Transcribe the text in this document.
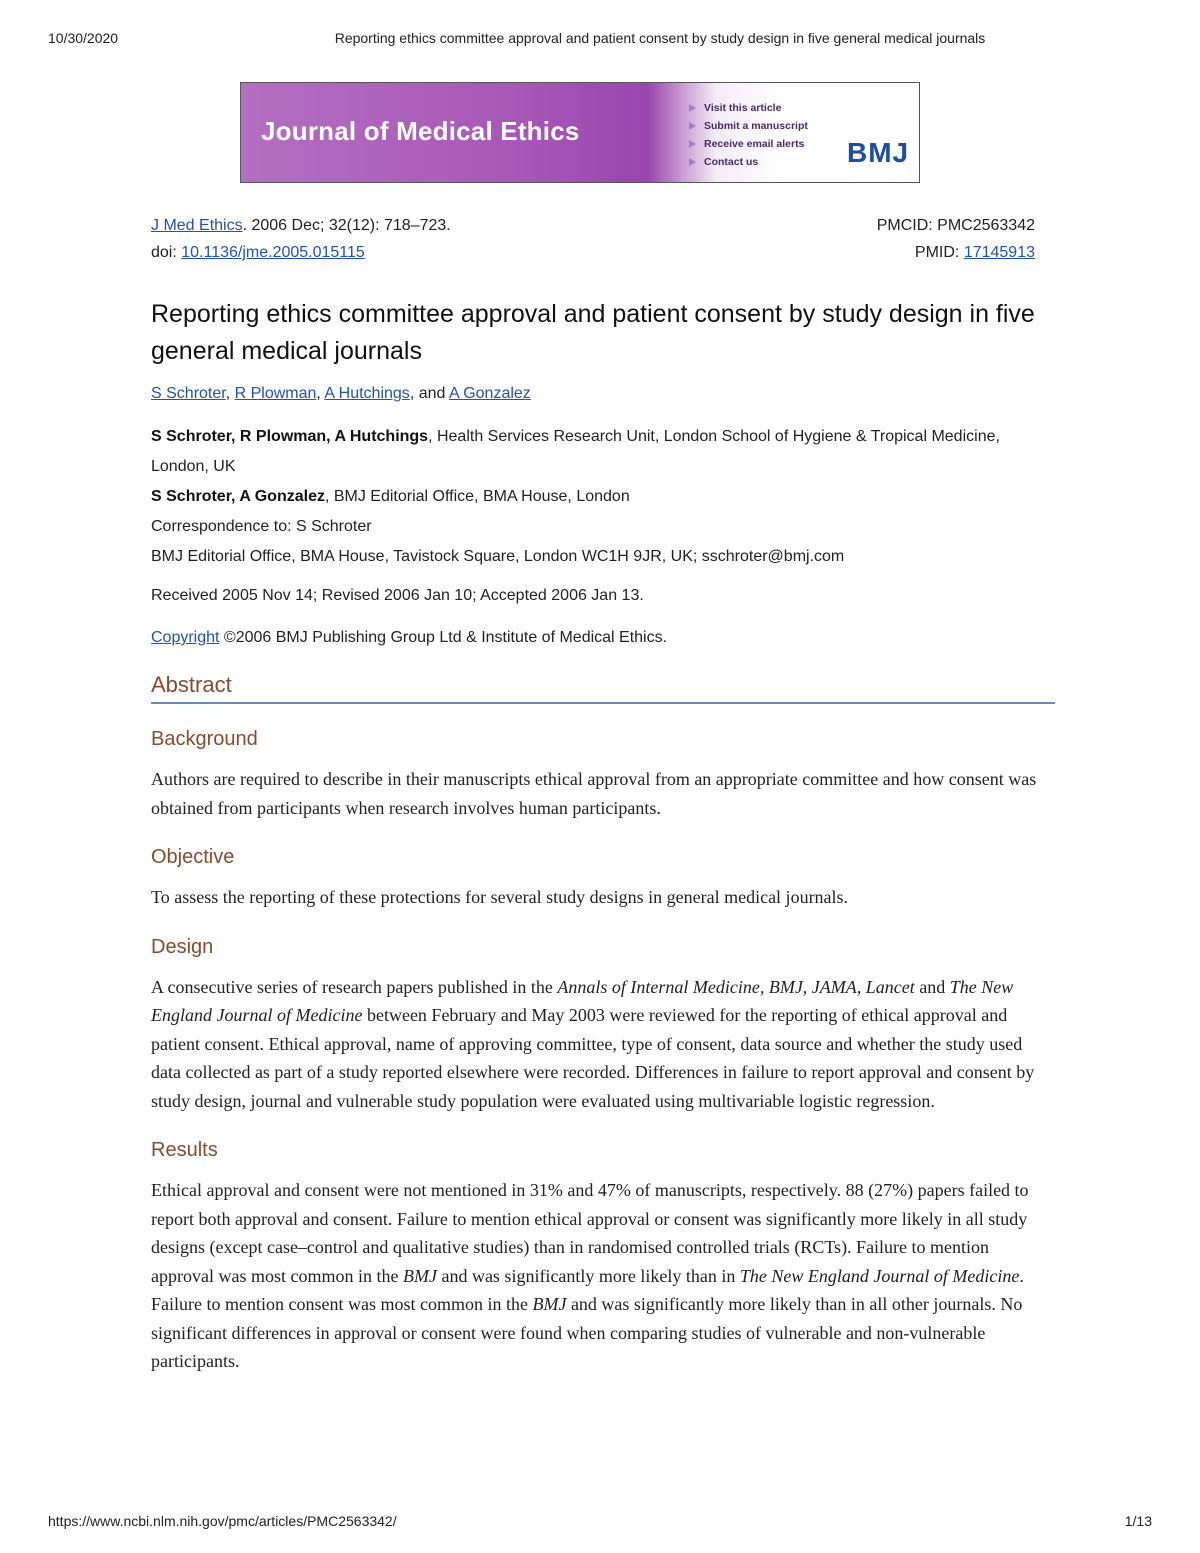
10/30/2020	Reporting ethics committee approval and patient consent by study design in five general medical journals
Journal of Medical Ethics
Visit this article
Submit a manuscript
Receive email alerts
Contact us	BMJ
J Med Ethics. 2006 Dec; 32(12): 718–723.	PMCID: PMC2563342
doi: 10.1136/jme.2005.015115	PMID: 17145913
Reporting ethics committee approval and patient consent by study design in five general medical journals
S Schroter, R Plowman, A Hutchings, and A Gonzalez
S Schroter, R Plowman, A Hutchings, Health Services Research Unit, London School of Hygiene & Tropical Medicine, London, UK
S Schroter, A Gonzalez, BMJ Editorial Office, BMA House, London
Correspondence to: S Schroter
BMJ Editorial Office, BMA House, Tavistock Square, London WC1H 9JR, UK; sschroter@bmj.com
Received 2005 Nov 14; Revised 2006 Jan 10; Accepted 2006 Jan 13.
Copyright ©2006 BMJ Publishing Group Ltd & Institute of Medical Ethics.
Abstract
Background
Authors are required to describe in their manuscripts ethical approval from an appropriate committee and how consent was obtained from participants when research involves human participants.
Objective
To assess the reporting of these protections for several study designs in general medical journals.
Design
A consecutive series of research papers published in the Annals of Internal Medicine, BMJ, JAMA, Lancet and The New England Journal of Medicine between February and May 2003 were reviewed for the reporting of ethical approval and patient consent. Ethical approval, name of approving committee, type of consent, data source and whether the study used data collected as part of a study reported elsewhere were recorded. Differences in failure to report approval and consent by study design, journal and vulnerable study population were evaluated using multivariable logistic regression.
Results
Ethical approval and consent were not mentioned in 31% and 47% of manuscripts, respectively. 88 (27%) papers failed to report both approval and consent. Failure to mention ethical approval or consent was significantly more likely in all study designs (except case–control and qualitative studies) than in randomised controlled trials (RCTs). Failure to mention approval was most common in the BMJ and was significantly more likely than in The New England Journal of Medicine. Failure to mention consent was most common in the BMJ and was significantly more likely than in all other journals. No significant differences in approval or consent were found when comparing studies of vulnerable and non-vulnerable participants.
https://www.ncbi.nlm.nih.gov/pmc/articles/PMC2563342/	1/13
